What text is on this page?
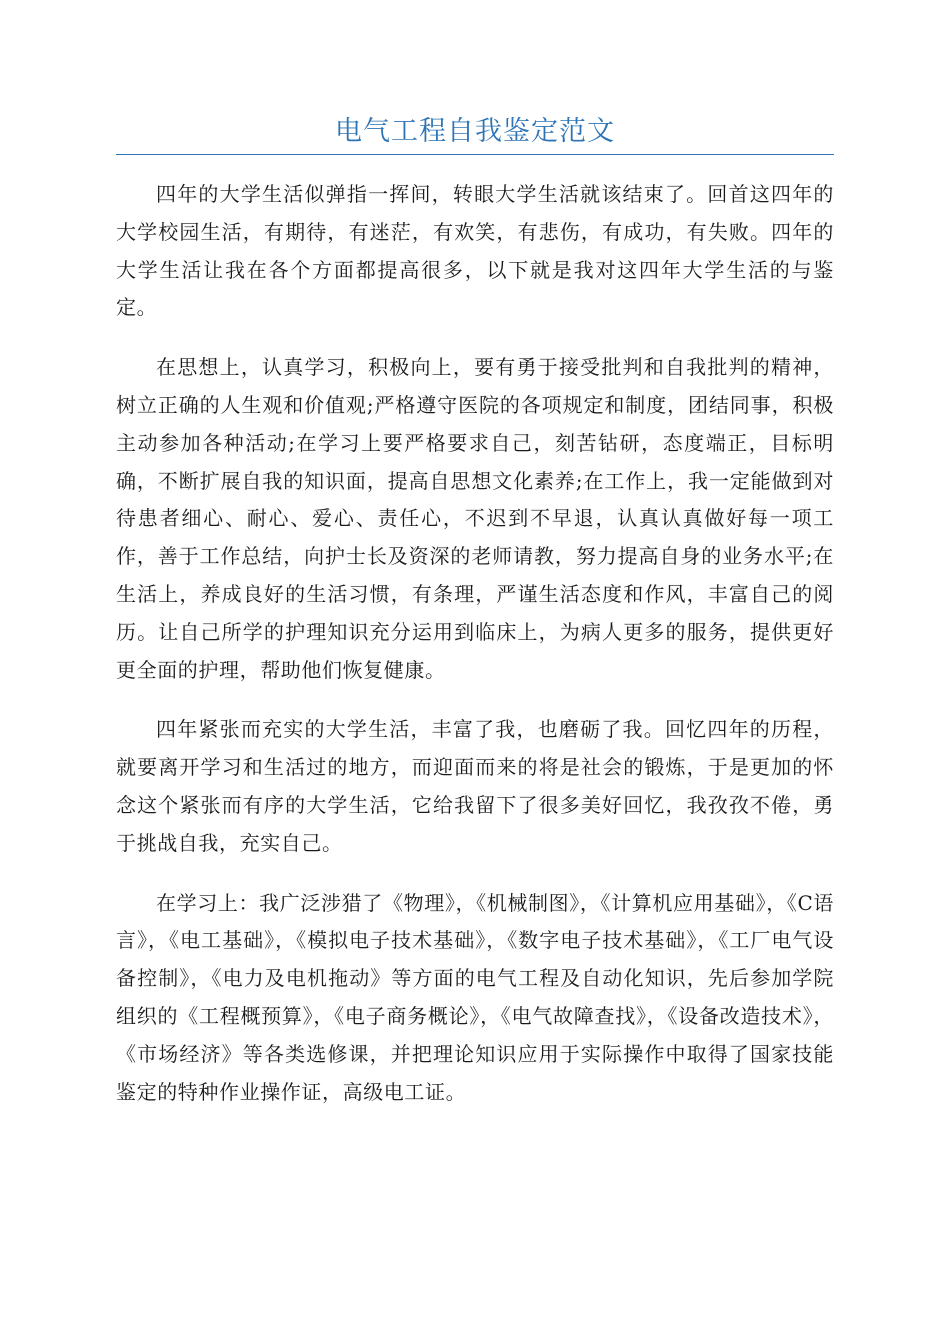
电气工程自我鉴定范文

四年的大学生活似弹指一挥间，转眼大学生活就该结束了。回首这四年的大学校园生活，有期待，有迷茫，有欢笑，有悲伤，有成功，有失败。四年的大学生活让我在各个方面都提高很多，以下就是我对这四年大学生活的与鉴定。

在思想上，认真学习，积极向上，要有勇于接受批判和自我批判的精神，树立正确的人生观和价值观;严格遵守医院的各项规定和制度，团结同事，积极主动参加各种活动;在学习上要严格要求自己，刻苦钻研，态度端正，目标明确，不断扩展自我的知识面，提高自思想文化素养;在工作上，我一定能做到对待患者细心、耐心、爱心、责任心，不迟到不早退，认真认真做好每一项工作，善于工作总结，向护士长及资深的老师请教，努力提高自身的业务水平;在生活上，养成良好的生活习惯，有条理，严谨生活态度和作风，丰富自己的阅历。让自己所学的护理知识充分运用到临床上，为病人更多的服务，提供更好更全面的护理，帮助他们恢复健康。

四年紧张而充实的大学生活，丰富了我，也磨砺了我。回忆四年的历程，就要离开学习和生活过的地方，而迎面而来的将是社会的锻炼，于是更加的怀念这个紧张而有序的大学生活，它给我留下了很多美好回忆，我孜孜不倦，勇于挑战自我，充实自己。

在学习上：我广泛涉猎了《物理》，《机械制图》，《计算机应用基础》，《C语言》，《电工基础》，《模拟电子技术基础》，《数字电子技术基础》，《工厂电气设备控制》，《电力及电机拖动》等方面的电气工程及自动化知识，先后参加学院组织的《工程概预算》，《电子商务概论》，《电气故障查找》，《设备改造技术》，《市场经济》等各类选修课，并把理论知识应用于实际操作中取得了国家技能鉴定的特种作业操作证，高级电工证。
